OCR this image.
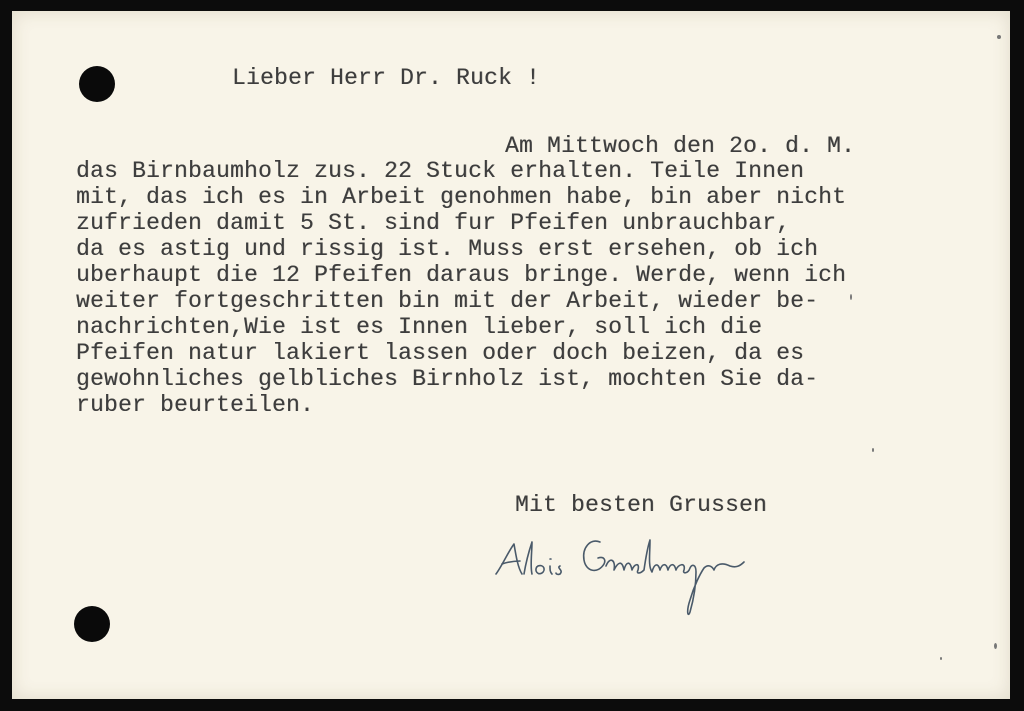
Lieber Herr Dr. Ruck !
Am Mittwoch den 2o. d. M.
das Birnbaumholz zus. 22 Stuck erhalten. Teile Innen
mit, das ich es in Arbeit genohmen habe, bin aber nicht
zufrieden damit 5 St. sind fur Pfeifen unbrauchbar,
da es astig und rissig ist. Muss erst ersehen, ob ich
uberhaupt die 12 Pfeifen daraus bringe. Werde, wenn ich
weiter fortgeschritten bin mit der Arbeit, wieder be-
nachrichten,Wie ist es Innen lieber, soll ich die
Pfeifen natur lakiert lassen oder doch beizen, da es
gewohnliches gelbliches Birnholz ist, mochten Sie da-
ruber beurteilen.
Mit besten Grussen
